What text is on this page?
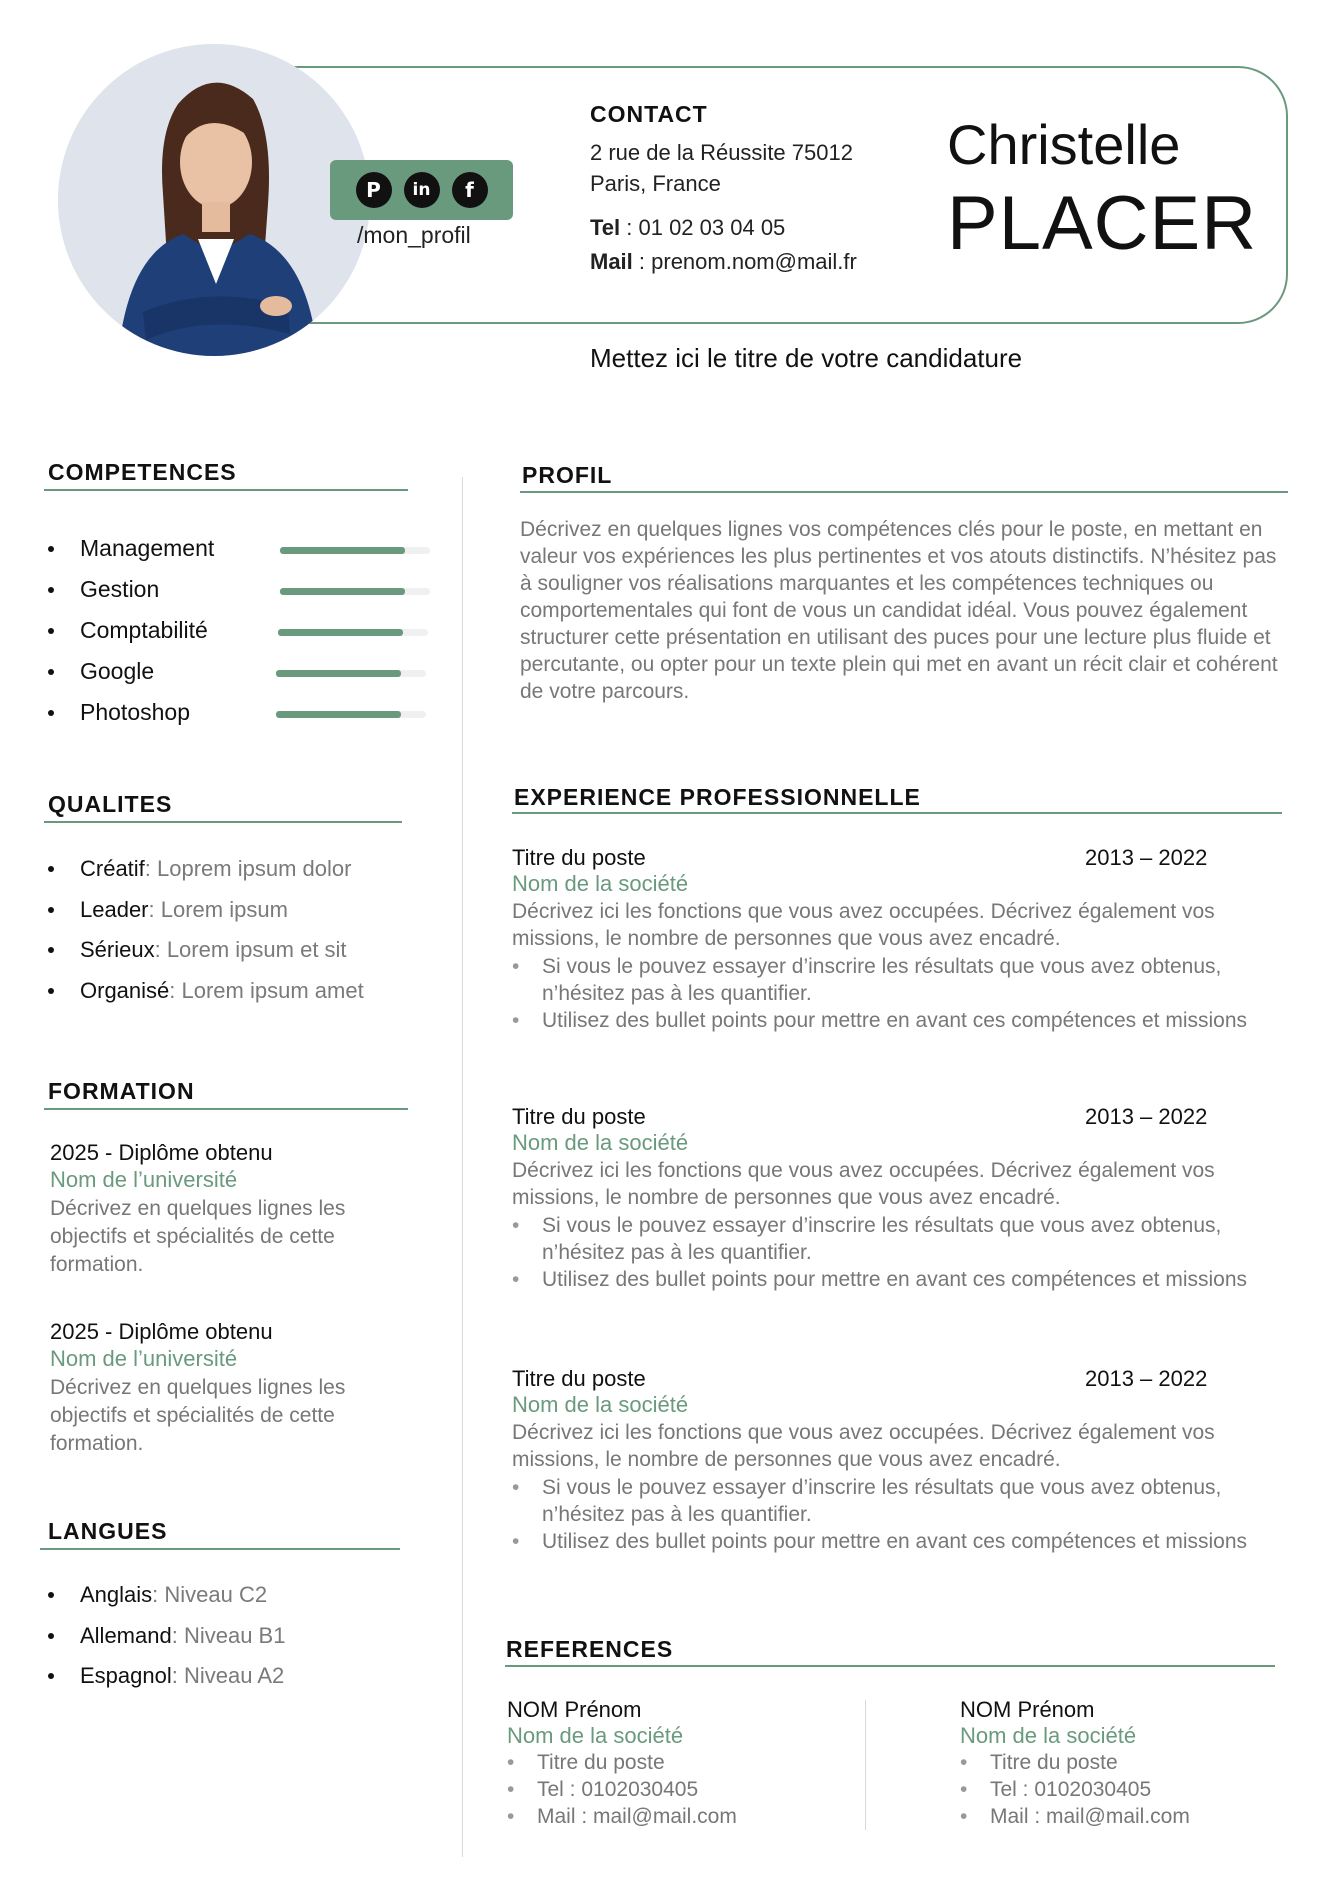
P	in	f
/mon_profil
CONTACT
2 rue de la Réussite 75012
Paris, France
Tel : 01 02 03 04 05
Mail : prenom.nom@mail.fr
Christelle
PLACER
Mettez ici le titre de votre candidature
COMPETENCES
Management
Gestion
Comptabilité
Google
Photoshop
QUALITES
Créatif : Loprem ipsum dolor
Leader : Lorem ipsum
Sérieux : Lorem ipsum et sit
Organisé : Lorem ipsum amet
FORMATION
2025 - Diplôme obtenu
Nom de l’université
Décrivez en quelques lignes les objectifs et spécialités de cette formation.
2025 - Diplôme obtenu
Nom de l’université
Décrivez en quelques lignes les objectifs et spécialités de cette formation.
LANGUES
Anglais : Niveau C2
Allemand : Niveau B1
Espagnol : Niveau A2
PROFIL
Décrivez en quelques lignes vos compétences clés pour le poste, en mettant en valeur vos expériences les plus pertinentes et vos atouts distinctifs. N’hésitez pas à souligner vos réalisations marquantes et les compétences techniques ou comportementales qui font de vous un candidat idéal. Vous pouvez également structurer cette présentation en utilisant des puces pour une lecture plus fluide et percutante, ou opter pour un texte plein qui met en avant un récit clair et cohérent de votre parcours.
EXPERIENCE PROFESSIONNELLE
Titre du poste	2013 – 2022
Nom de la société
Décrivez ici les fonctions que vous avez occupées. Décrivez également vos missions, le nombre de personnes que vous avez encadré.
• Si vous le pouvez essayer d’inscrire les résultats que vous avez obtenus, n’hésitez pas à les quantifier.
• Utilisez des bullet points pour mettre en avant ces compétences et missions
Titre du poste	2013 – 2022
Nom de la société
Décrivez ici les fonctions que vous avez occupées. Décrivez également vos missions, le nombre de personnes que vous avez encadré.
• Si vous le pouvez essayer d’inscrire les résultats que vous avez obtenus, n’hésitez pas à les quantifier.
• Utilisez des bullet points pour mettre en avant ces compétences et missions
Titre du poste	2013 – 2022
Nom de la société
Décrivez ici les fonctions que vous avez occupées. Décrivez également vos missions, le nombre de personnes que vous avez encadré.
• Si vous le pouvez essayer d’inscrire les résultats que vous avez obtenus, n’hésitez pas à les quantifier.
• Utilisez des bullet points pour mettre en avant ces compétences et missions
REFERENCES
NOM Prénom
Nom de la société
• Titre du poste
• Tel : 0102030405
• Mail : mail@mail.com
NOM Prénom
Nom de la société
• Titre du poste
• Tel : 0102030405
• Mail : mail@mail.com
